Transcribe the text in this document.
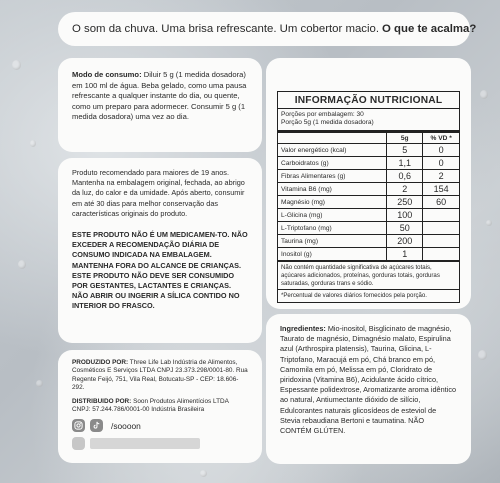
O som da chuva. Uma brisa refrescante. Um cobertor macio. O que te acalma?

Modo de consumo: Diluir 5 g (1 medida dosadora) em 100 ml de água. Beba gelado, como uma pausa refrescante a qualquer instante do dia, ou quente, como um preparo para adormecer. Consumir 5 g (1 medida dosadora) uma vez ao dia.

Produto recomendado para maiores de 19 anos. Mantenha na embalagem original, fechada, ao abrigo da luz, do calor e da umidade. Após aberto, consumir em até 30 dias para melhor conservação das características originais do produto.

ESTE PRODUTO NÃO É UM MEDICAMEN-TO. NÃO EXCEDER A RECOMENDAÇÃO DIÁRIA DE CONSUMO INDICADA NA EMBALAGEM. MANTENHA FORA DO ALCANCE DE CRIANÇAS. ESTE PRODUTO NÃO DEVE SER CONSUMIDO POR GESTANTES, LACTANTES E CRIANÇAS. NÃO ABRIR OU INGERIR A SÍLICA CONTIDO NO INTERIOR DO FRASCO.

PRODUZIDO POR: Three Life Lab Indústria de Alimentos, Cosméticos E Serviços LTDA CNPJ 23.373.298/0001-80. Rua Regente Feijó, 751, Vila Real, Botucatu-SP - CEP: 18.606-292.

DISTRIBUIDO POR: Soon Produtos Alimentícios LTDA CNPJ: 57.244.786/0001-00 Indústria Brasileira

/soooon
INFORMAÇÃO NUTRICIONAL
Porções por embalagem: 30
Porção 5g (1 medida dosadora)
	5g	% VD *
Valor energético (kcal)	5	0
Carboidratos (g)	1,1	0
Fibras Alimentares (g)	0,6	2
Vitamina B6 (mg)	2	154
Magnésio (mg)	250	60
L-Glicina (mg)	100	
L-Triptofano (mg)	50	
Taurina (mg)	200	
Inositol (g)	1	
Não contém quantidade significativa de açúcares totais, açúcares adicionados, proteínas, gorduras totais, gorduras saturadas, gorduras trans e sódio.
*Percentual de valores diários fornecidos pela porção.

Ingredientes: Mio-inositol, Bisglicinato de magnésio, Taurato de magnésio, Dimagnésio malato, Espirulina azul (Arthrospira platensis), Taurina, Glicina, L-Triptofano, Maracujá em pó, Chá branco em pó, Camomila em pó, Melissa em pó, Cloridrato de piridoxina (Vitamina B6), Acidulante ácido cítrico, Espessante polidextrose, Aromatizante aroma idêntico ao natural, Antiumectante dióxido de silício, Edulcorantes naturais glicosídeos de esteviol de Stevia rebaudiana Bertoni e taumatina. NÃO CONTÉM GLÚTEN.
